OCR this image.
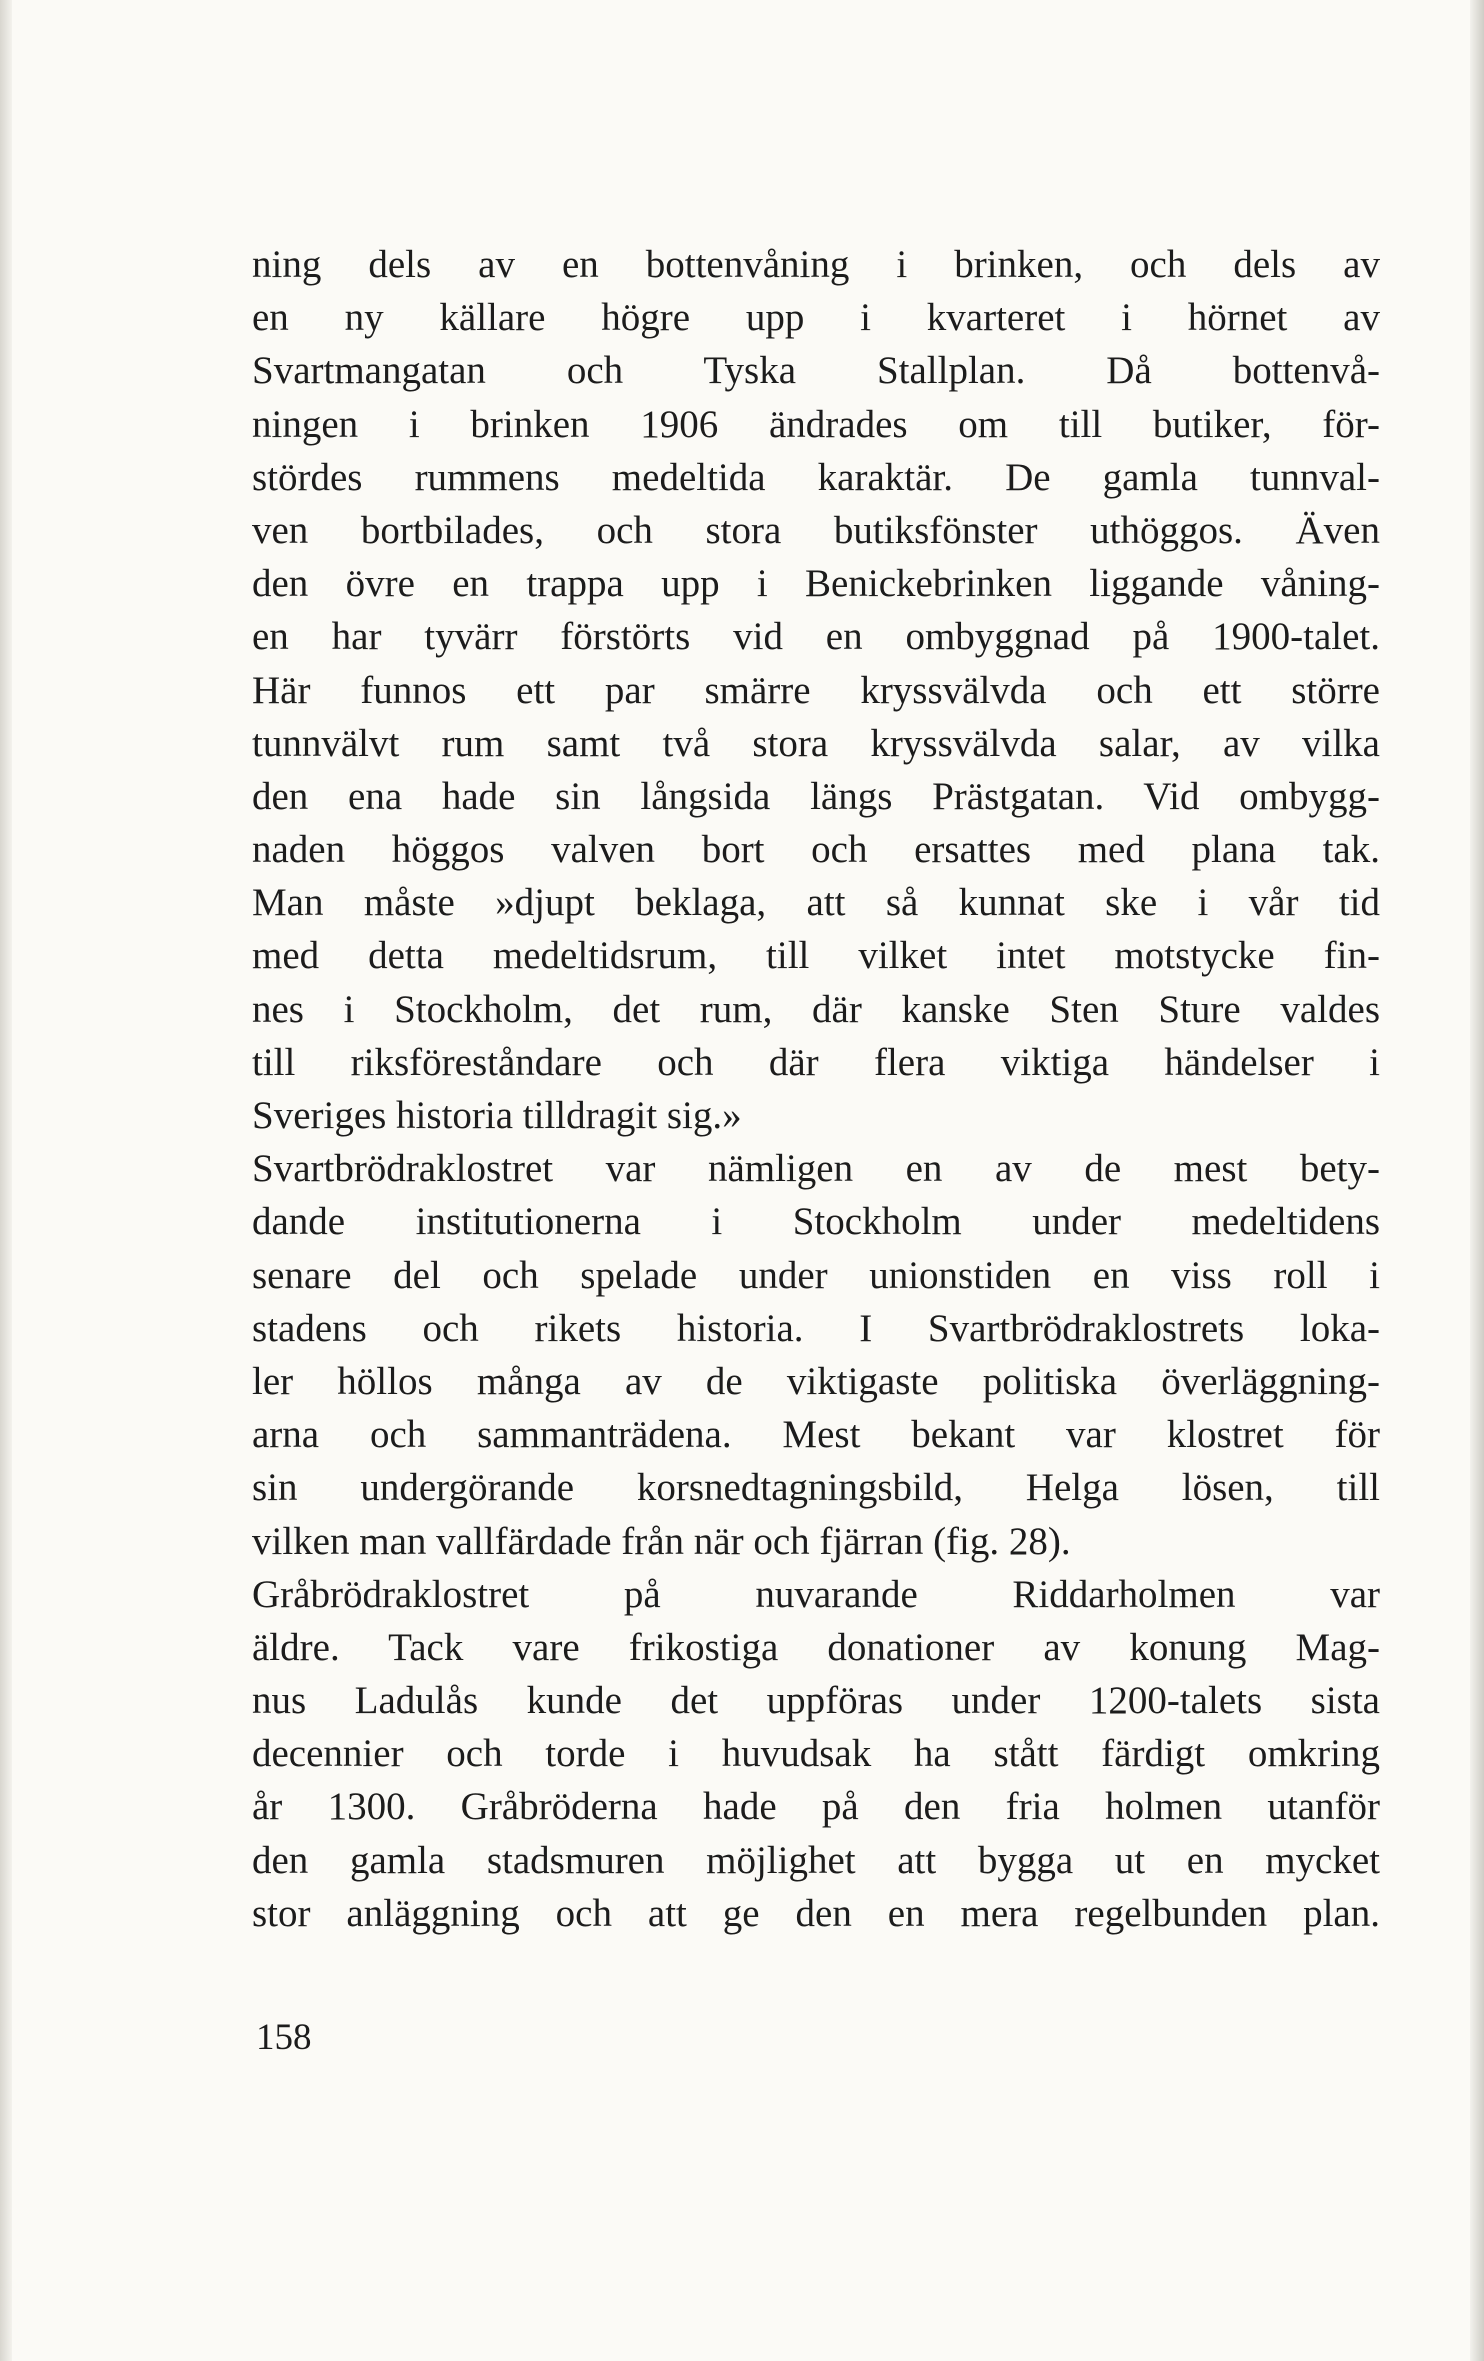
ning dels av en bottenvåning i brinken, och dels av
en ny källare högre upp i kvarteret i hörnet av
Svartmangatan och Tyska Stallplan. Då bottenvå-
ningen i brinken 1906 ändrades om till butiker, för-
stördes rummens medeltida karaktär. De gamla tunnval-
ven bortbilades, och stora butiksfönster uthöggos. Även
den övre en trappa upp i Benickebrinken liggande våning-
en har tyvärr förstörts vid en ombyggnad på 1900-talet.
Här funnos ett par smärre kryssvälvda och ett större
tunnvälvt rum samt två stora kryssvälvda salar, av vilka
den ena hade sin långsida längs Prästgatan. Vid ombygg-
naden höggos valven bort och ersattes med plana tak.
Man måste »djupt beklaga, att så kunnat ske i vår tid
med detta medeltidsrum, till vilket intet motstycke fin-
nes i Stockholm, det rum, där kanske Sten Sture valdes
till riksföreståndare och där flera viktiga händelser i
Sveriges historia tilldragit sig.»
Svartbrödraklostret var nämligen en av de mest bety-
dande institutionerna i Stockholm under medeltidens
senare del och spelade under unionstiden en viss roll i
stadens och rikets historia. I Svartbrödraklostrets loka-
ler höllos många av de viktigaste politiska överläggning-
arna och sammanträdena. Mest bekant var klostret för
sin undergörande korsnedtagningsbild, Helga lösen, till
vilken man vallfärdade från när och fjärran (fig. 28).
Gråbrödraklostret på nuvarande Riddarholmen var
äldre. Tack vare frikostiga donationer av konung Mag-
nus Ladulås kunde det uppföras under 1200-talets sista
decennier och torde i huvudsak ha stått färdigt omkring
år 1300. Gråbröderna hade på den fria holmen utanför
den gamla stadsmuren möjlighet att bygga ut en mycket
stor anläggning och att ge den en mera regelbunden plan.
158
